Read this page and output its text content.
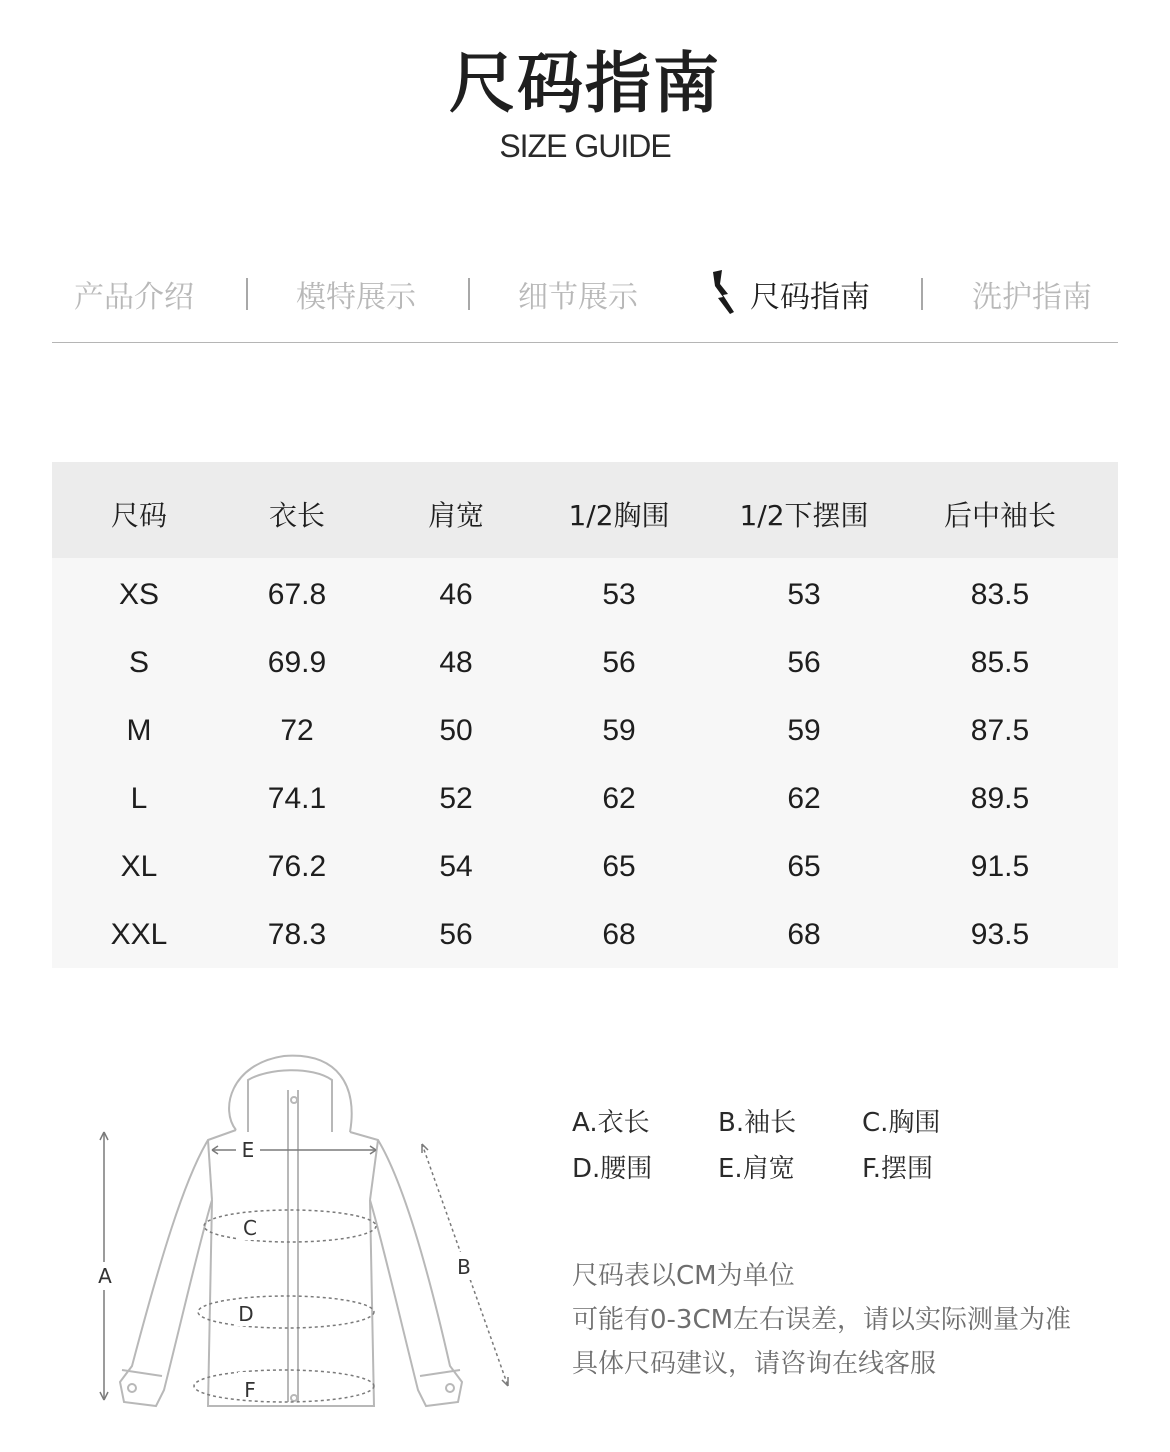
尺码指南
SIZE GUIDE
产品介绍	模特展示	细节展示	尺码指南	洗护指南
尺码	衣长	肩宽	1/2胸围	1/2下摆围	后中袖长
XS	67.8	46	53	53	83.5
S	69.9	48	56	56	85.5
M	72	50	59	59	87.5
L	74.1	52	62	62	89.5
XL	76.2	54	65	65	91.5
XXL	78.3	56	68	68	93.5
E
C
D
F
A	B
A.衣长	B.袖长	C.胸围
D.腰围	E.肩宽	F.摆围
尺码表以CM为单位
可能有0-3CM左右误差，请以实际测量为准
具体尺码建议，请咨询在线客服
